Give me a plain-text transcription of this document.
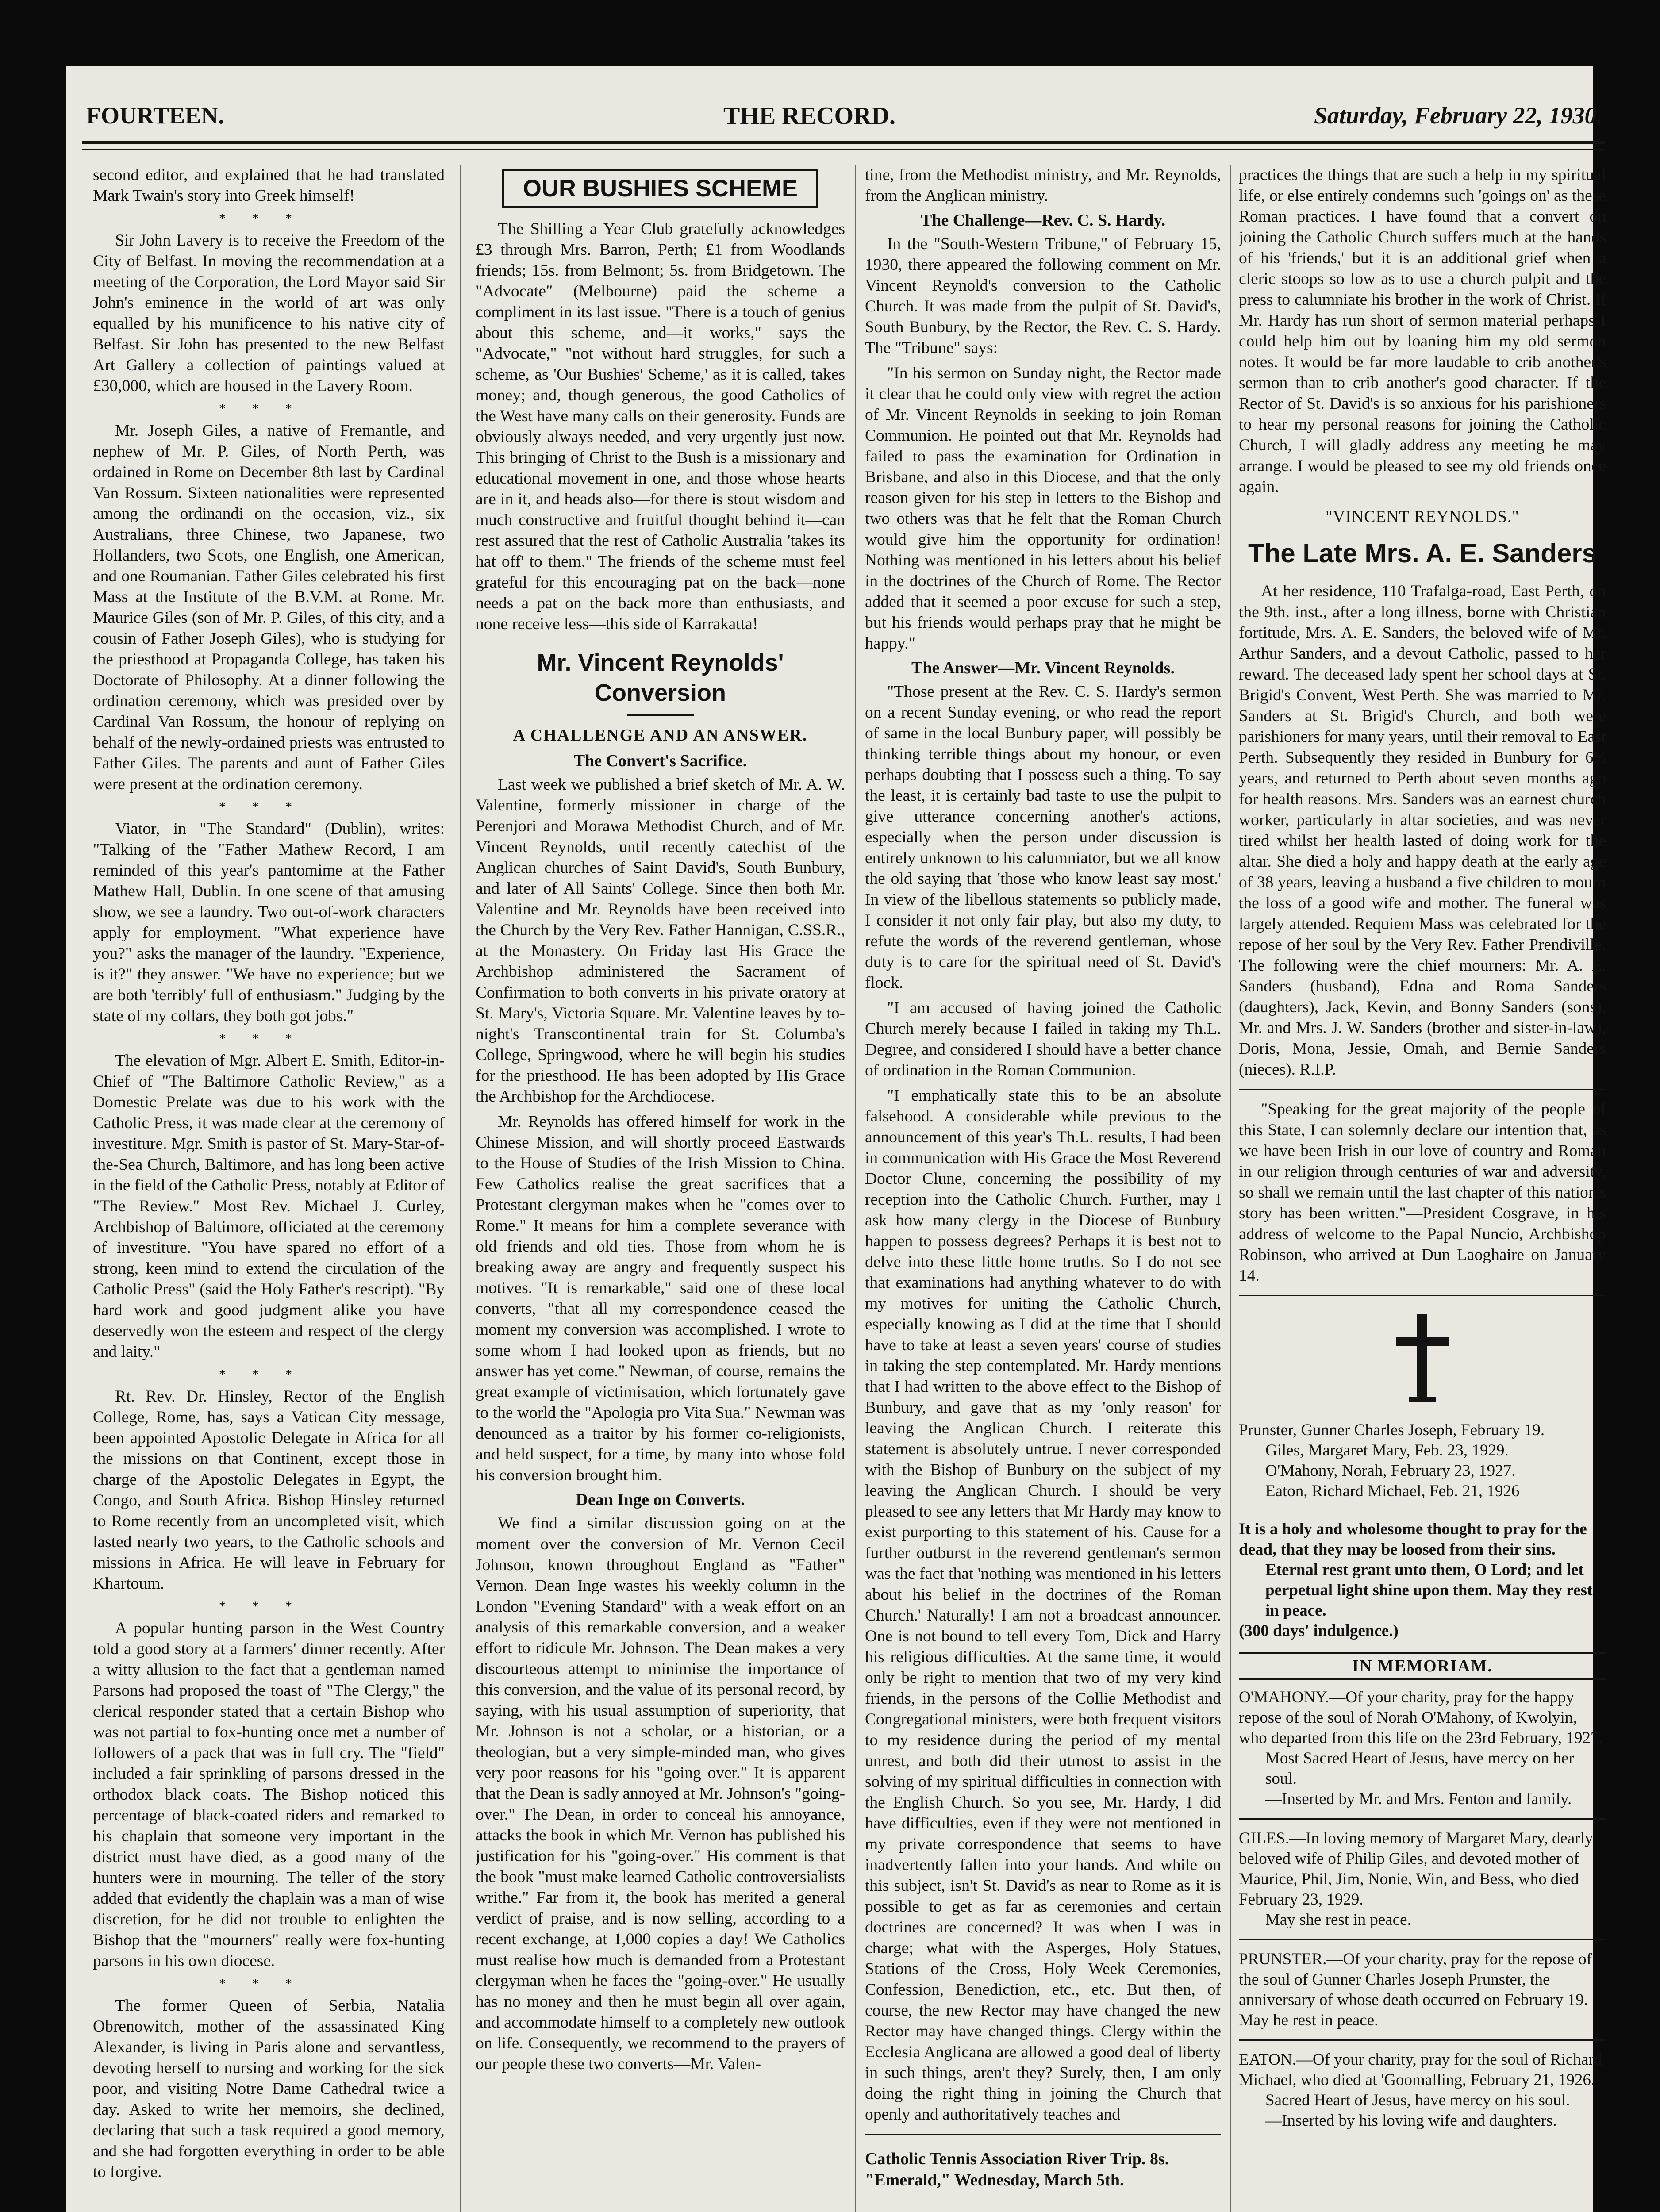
FOURTEEN.	THE RECORD.	Saturday, February 22, 1930.

second editor, and explained that he had translated Mark Twain's story into Greek himself!

***

Sir John Lavery is to receive the Freedom of the City of Belfast. In moving the recommendation at a meeting of the Corporation, the Lord Mayor said Sir John's eminence in the world of art was only equalled by his munificence to his native city of Belfast. Sir John has presented to the new Belfast Art Gallery a collection of paintings valued at £30,000, which are housed in the Lavery Room.

***

Mr. Joseph Giles, a native of Fremantle, and nephew of Mr. P. Giles, of North Perth, was ordained in Rome on December 8th last by Cardinal Van Rossum. Sixteen nationalities were represented among the ordinandi on the occasion, viz., six Australians, three Chinese, two Japanese, two Hollanders, two Scots, one English, one American, and one Roumanian. Father Giles celebrated his first Mass at the Institute of the B.V.M. at Rome. Mr. Maurice Giles (son of Mr. P. Giles, of this city, and a cousin of Father Joseph Giles), who is studying for the priesthood at Propaganda College, has taken his Doctorate of Philosophy. At a dinner following the ordination ceremony, which was presided over by Cardinal Van Rossum, the honour of replying on behalf of the newly-ordained priests was entrusted to Father Giles. The parents and aunt of Father Giles were present at the ordination ceremony.

***

Viator, in "The Standard" (Dublin), writes: "Talking of the "Father Mathew Record, I am reminded of this year's pantomime at the Father Mathew Hall, Dublin. In one scene of that amusing show, we see a laundry. Two out-of-work characters apply for employment. "What experience have you?" asks the manager of the laundry. "Experience, is it?" they answer. "We have no experience; but we are both 'terribly' full of enthusiasm." Judging by the state of my collars, they both got jobs."

***

The elevation of Mgr. Albert E. Smith, Editor-in-Chief of "The Baltimore Catholic Review," as a Domestic Prelate was due to his work with the Catholic Press, it was made clear at the ceremony of investiture. Mgr. Smith is pastor of St. Mary-Star-of-the-Sea Church, Baltimore, and has long been active in the field of the Catholic Press, notably at Editor of "The Review." Most Rev. Michael J. Curley, Archbishop of Baltimore, officiated at the ceremony of investiture. "You have spared no effort of a strong, keen mind to extend the circulation of the Catholic Press" (said the Holy Father's rescript). "By hard work and good judgment alike you have deservedly won the esteem and respect of the clergy and laity."

***

Rt. Rev. Dr. Hinsley, Rector of the English College, Rome, has, says a Vatican City message, been appointed Apostolic Delegate in Africa for all the missions on that Continent, except those in charge of the Apostolic Delegates in Egypt, the Congo, and South Africa. Bishop Hinsley returned to Rome recently from an uncompleted visit, which lasted nearly two years, to the Catholic schools and missions in Africa. He will leave in February for Khartoum.

***

A popular hunting parson in the West Country told a good story at a farmers' dinner recently. After a witty allusion to the fact that a gentleman named Parsons had proposed the toast of "The Clergy," the clerical responder stated that a certain Bishop who was not partial to fox-hunting once met a number of followers of a pack that was in full cry. The "field" included a fair sprinkling of parsons dressed in the orthodox black coats. The Bishop noticed this percentage of black-coated riders and remarked to his chaplain that someone very important in the district must have died, as a good many of the hunters were in mourning. The teller of the story added that evidently the chaplain was a man of wise discretion, for he did not trouble to enlighten the Bishop that the "mourners" really were fox-hunting parsons in his own diocese.

***

The former Queen of Serbia, Natalia Obrenowitch, mother of the assassinated King Alexander, is living in Paris alone and servantless, devoting herself to nursing and working for the sick poor, and visiting Notre Dame Cathedral twice a day. Asked to write her memoirs, she declined, declaring that such a task required a good memory, and she had forgotten everything in order to be able to forgive.

OUR BUSHIES SCHEME

The Shilling a Year Club gratefully acknowledges £3 through Mrs. Barron, Perth; £1 from Woodlands friends; 15s. from Belmont; 5s. from Bridgetown. The "Advocate" (Melbourne) paid the scheme a compliment in its last issue. "There is a touch of genius about this scheme, and—it works," says the "Advocate," "not without hard struggles, for such a scheme, as 'Our Bushies' Scheme,' as it is called, takes money; and, though generous, the good Catholics of the West have many calls on their generosity. Funds are obviously always needed, and very urgently just now. This bringing of Christ to the Bush is a missionary and educational movement in one, and those whose hearts are in it, and heads also—for there is stout wisdom and much constructive and fruitful thought behind it—can rest assured that the rest of Catholic Australia 'takes its hat off' to them." The friends of the scheme must feel grateful for this encouraging pat on the back—none needs a pat on the back more than enthusiasts, and none receive less—this side of Karrakatta!

Mr. Vincent Reynolds' Conversion
A CHALLENGE AND AN ANSWER.
The Convert's Sacrifice.

Last week we published a brief sketch of Mr. A. W. Valentine, formerly missioner in charge of the Perenjori and Morawa Methodist Church, and of Mr. Vincent Reynolds, until recently catechist of the Anglican churches of Saint David's, South Bunbury, and later of All Saints' College. Since then both Mr. Valentine and Mr. Reynolds have been received into the Church by the Very Rev. Father Hannigan, C.SS.R., at the Monastery. On Friday last His Grace the Archbishop administered the Sacrament of Confirmation to both converts in his private oratory at St. Mary's, Victoria Square. Mr. Valentine leaves by to-night's Transcontinental train for St. Columba's College, Springwood, where he will begin his studies for the priesthood. He has been adopted by His Grace the Archbishop for the Archdiocese.

Mr. Reynolds has offered himself for work in the Chinese Mission, and will shortly proceed Eastwards to the House of Studies of the Irish Mission to China. Few Catholics realise the great sacrifices that a Protestant clergyman makes when he "comes over to Rome." It means for him a complete severance with old friends and old ties. Those from whom he is breaking away are angry and frequently suspect his motives. "It is remarkable," said one of these local converts, "that all my correspondence ceased the moment my conversion was accomplished. I wrote to some whom I had looked upon as friends, but no answer has yet come." Newman, of course, remains the great example of victimisation, which fortunately gave to the world the "Apologia pro Vita Sua." Newman was denounced as a traitor by his former co-religionists, and held suspect, for a time, by many into whose fold his conversion brought him.

Dean Inge on Converts.

We find a similar discussion going on at the moment over the conversion of Mr. Vernon Cecil Johnson, known throughout England as "Father" Vernon. Dean Inge wastes his weekly column in the London "Evening Standard" with a weak effort on an analysis of this remarkable conversion, and a weaker effort to ridicule Mr. Johnson. The Dean makes a very discourteous attempt to minimise the importance of this conversion, and the value of its personal record, by saying, with his usual assumption of superiority, that Mr. Johnson is not a scholar, or a historian, or a theologian, but a very simple-minded man, who gives very poor reasons for his "going over." It is apparent that the Dean is sadly annoyed at Mr. Johnson's "going-over." The Dean, in order to conceal his annoyance, attacks the book in which Mr. Vernon has published his justification for his "going-over." His comment is that the book "must make learned Catholic controversialists writhe." Far from it, the book has merited a general verdict of praise, and is now selling, according to a recent exchange, at 1,000 copies a day! We Catholics must realise how much is demanded from a Protestant clergyman when he faces the "going-over." He usually has no money and then he must begin all over again, and accommodate himself to a completely new outlook on life. Consequently, we recommend to the prayers of our people these two converts—Mr. Valen-

tine, from the Methodist ministry, and Mr. Reynolds, from the Anglican ministry.

The Challenge—Rev. C. S. Hardy.

In the "South-Western Tribune," of February 15, 1930, there appeared the following comment on Mr. Vincent Reynold's conversion to the Catholic Church. It was made from the pulpit of St. David's, South Bunbury, by the Rector, the Rev. C. S. Hardy. The "Tribune" says:

"In his sermon on Sunday night, the Rector made it clear that he could only view with regret the action of Mr. Vincent Reynolds in seeking to join Roman Communion. He pointed out that Mr. Reynolds had failed to pass the examination for Ordination in Brisbane, and also in this Diocese, and that the only reason given for his step in letters to the Bishop and two others was that he felt that the Roman Church would give him the opportunity for ordination! Nothing was mentioned in his letters about his belief in the doctrines of the Church of Rome. The Rector added that it seemed a poor excuse for such a step, but his friends would perhaps pray that he might be happy."

The Answer—Mr. Vincent Reynolds.

"Those present at the Rev. C. S. Hardy's sermon on a recent Sunday evening, or who read the report of same in the local Bunbury paper, will possibly be thinking terrible things about my honour, or even perhaps doubting that I possess such a thing. To say the least, it is certainly bad taste to use the pulpit to give utterance concerning another's actions, especially when the person under discussion is entirely unknown to his calumniator, but we all know the old saying that 'those who know least say most.' In view of the libellous statements so publicly made, I consider it not only fair play, but also my duty, to refute the words of the reverend gentleman, whose duty is to care for the spiritual need of St. David's flock.

"I am accused of having joined the Catholic Church merely because I failed in taking my Th.L. Degree, and considered I should have a better chance of ordination in the Roman Communion.

"I emphatically state this to be an absolute falsehood. A considerable while previous to the announcement of this year's Th.L. results, I had been in communication with His Grace the Most Reverend Doctor Clune, concerning the possibility of my reception into the Catholic Church. Further, may I ask how many clergy in the Diocese of Bunbury happen to possess degrees? Perhaps it is best not to delve into these little home truths. So I do not see that examinations had anything whatever to do with my motives for uniting the Catholic Church, especially knowing as I did at the time that I should have to take at least a seven years' course of studies in taking the step contemplated. Mr. Hardy mentions that I had written to the above effect to the Bishop of Bunbury, and gave that as my 'only reason' for leaving the Anglican Church. I reiterate this statement is absolutely untrue. I never corresponded with the Bishop of Bunbury on the subject of my leaving the Anglican Church. I should be very pleased to see any letters that Mr Hardy may know to exist purporting to this statement of his. Cause for a further outburst in the reverend gentleman's sermon was the fact that 'nothing was mentioned in his letters about his belief in the doctrines of the Roman Church.' Naturally! I am not a broadcast announcer. One is not bound to tell every Tom, Dick and Harry his religious difficulties. At the same time, it would only be right to mention that two of my very kind friends, in the persons of the Collie Methodist and Congregational ministers, were both frequent visitors to my residence during the period of my mental unrest, and both did their utmost to assist in the solving of my spiritual difficulties in connection with the English Church. So you see, Mr. Hardy, I did have difficulties, even if they were not mentioned in my private correspondence that seems to have inadvertently fallen into your hands. And while on this subject, isn't St. David's as near to Rome as it is possible to get as far as ceremonies and certain doctrines are concerned? It was when I was in charge; what with the Asperges, Holy Statues, Stations of the Cross, Holy Week Ceremonies, Confession, Benediction, etc., etc. But then, of course, the new Rector may have changed the new Rector may have changed things. Clergy within the Ecclesia Anglicana are allowed a good deal of liberty in such things, aren't they? Surely, then, I am only doing the right thing in joining the Church that openly and authoritatively teaches and

Catholic Tennis Association River Trip. 8s. "Emerald," Wednesday, March 5th.

practices the things that are such a help in my spiritual life, or else entirely condemns such 'goings on' as these Roman practices. I have found that a convert on joining the Catholic Church suffers much at the hands of his 'friends,' but it is an additional grief when a cleric stoops so low as to use a church pulpit and the press to calumniate his brother in the work of Christ. If Mr. Hardy has run short of sermon material perhaps I could help him out by loaning him my old sermon notes. It would be far more laudable to crib another's sermon than to crib another's good character. If the Rector of St. David's is so anxious for his parishioners to hear my personal reasons for joining the Catholic Church, I will gladly address any meeting he may arrange. I would be pleased to see my old friends once again.

"VINCENT REYNOLDS."
The Late Mrs. A. E. Sanders

At her residence, 110 Trafalga-road, East Perth, on the 9th. inst., after a long illness, borne with Christian fortitude, Mrs. A. E. Sanders, the beloved wife of Mr. Arthur Sanders, and a devout Catholic, passed to her reward. The deceased lady spent her school days at St. Brigid's Convent, West Perth. She was married to Mr. Sanders at St. Brigid's Church, and both were parishioners for many years, until their removal to East Perth. Subsequently they resided in Bunbury for 6½ years, and returned to Perth about seven months ago for health reasons. Mrs. Sanders was an earnest church worker, particularly in altar societies, and was never tired whilst her health lasted of doing work for the altar. She died a holy and happy death at the early age of 38 years, leaving a husband a five children to mourn the loss of a good wife and mother. The funeral was largely attended. Requiem Mass was celebrated for the repose of her soul by the Very Rev. Father Prendiville. The following were the chief mourners: Mr. A. E. Sanders (husband), Edna and Roma Sanders (daughters), Jack, Kevin, and Bonny Sanders (sons), Mr. and Mrs. J. W. Sanders (brother and sister-in-law), Doris, Mona, Jessie, Omah, and Bernie Sanders (nieces). R.I.P.

"Speaking for the great majority of the people of this State, I can solemnly declare our intention that, as we have been Irish in our love of country and Roman in our religion through centuries of war and adversity, so shall we remain until the last chapter of this nation's story has been written."—President Cosgrave, in his address of welcome to the Papal Nuncio, Archbishop Robinson, who arrived at Dun Laoghaire on January 14.

Prunster, Gunner Charles Joseph, February 19.

Giles, Margaret Mary, Feb. 23, 1929.

O'Mahony, Norah, February 23, 1927.

Eaton, Richard Michael, Feb. 21, 1926

It is a holy and wholesome thought to pray for the dead, that they may be loosed from their sins.

Eternal rest grant unto them, O Lord; and let perpetual light shine upon them. May they rest in peace.

(300 days' indulgence.)

IN MEMORIAM.

O'MAHONY.—Of your charity, pray for the happy repose of the soul of Norah O'Mahony, of Kwolyin, who departed from this life on the 23rd February, 1927.

Most Sacred Heart of Jesus, have mercy on her soul.

—Inserted by Mr. and Mrs. Fenton and family.

GILES.—In loving memory of Margaret Mary, dearly beloved wife of Philip Giles, and devoted mother of Maurice, Phil, Jim, Nonie, Win, and Bess, who died February 23, 1929.

May she rest in peace.

PRUNSTER.—Of your charity, pray for the repose of the soul of Gunner Charles Joseph Prunster, the anniversary of whose death occurred on February 19. May he rest in peace.

EATON.—Of your charity, pray for the soul of Richard Michael, who died at 'Goomalling, February 21, 1926.

Sacred Heart of Jesus, have mercy on his soul.

—Inserted by his loving wife and daughters.
